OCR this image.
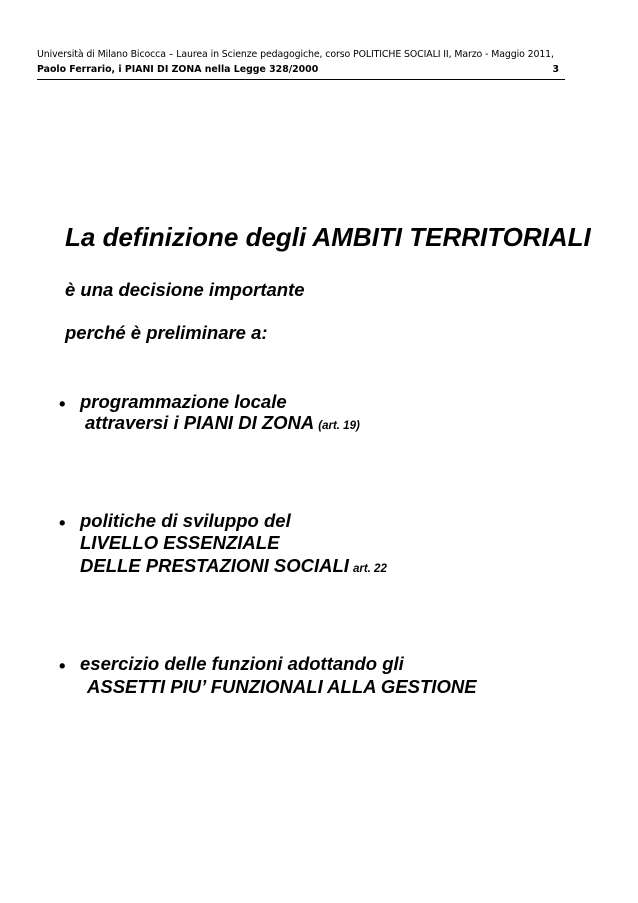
Università di Milano Bicocca – Laurea in Scienze pedagogiche, corso POLITICHE SOCIALI II, Marzo - Maggio 2011,
Paolo Ferrario, i PIANI DI ZONA nella Legge 328/2000	3
La definizione degli AMBITI TERRITORIALI
è una decisione importante
perché è preliminare a:
• programmazione locale
attraversi i PIANI DI ZONA (art. 19)
• politiche di sviluppo del
LIVELLO ESSENZIALE
DELLE PRESTAZIONI SOCIALI art. 22
• esercizio delle funzioni adottando gli
ASSETTI PIU’ FUNZIONALI ALLA GESTIONE
